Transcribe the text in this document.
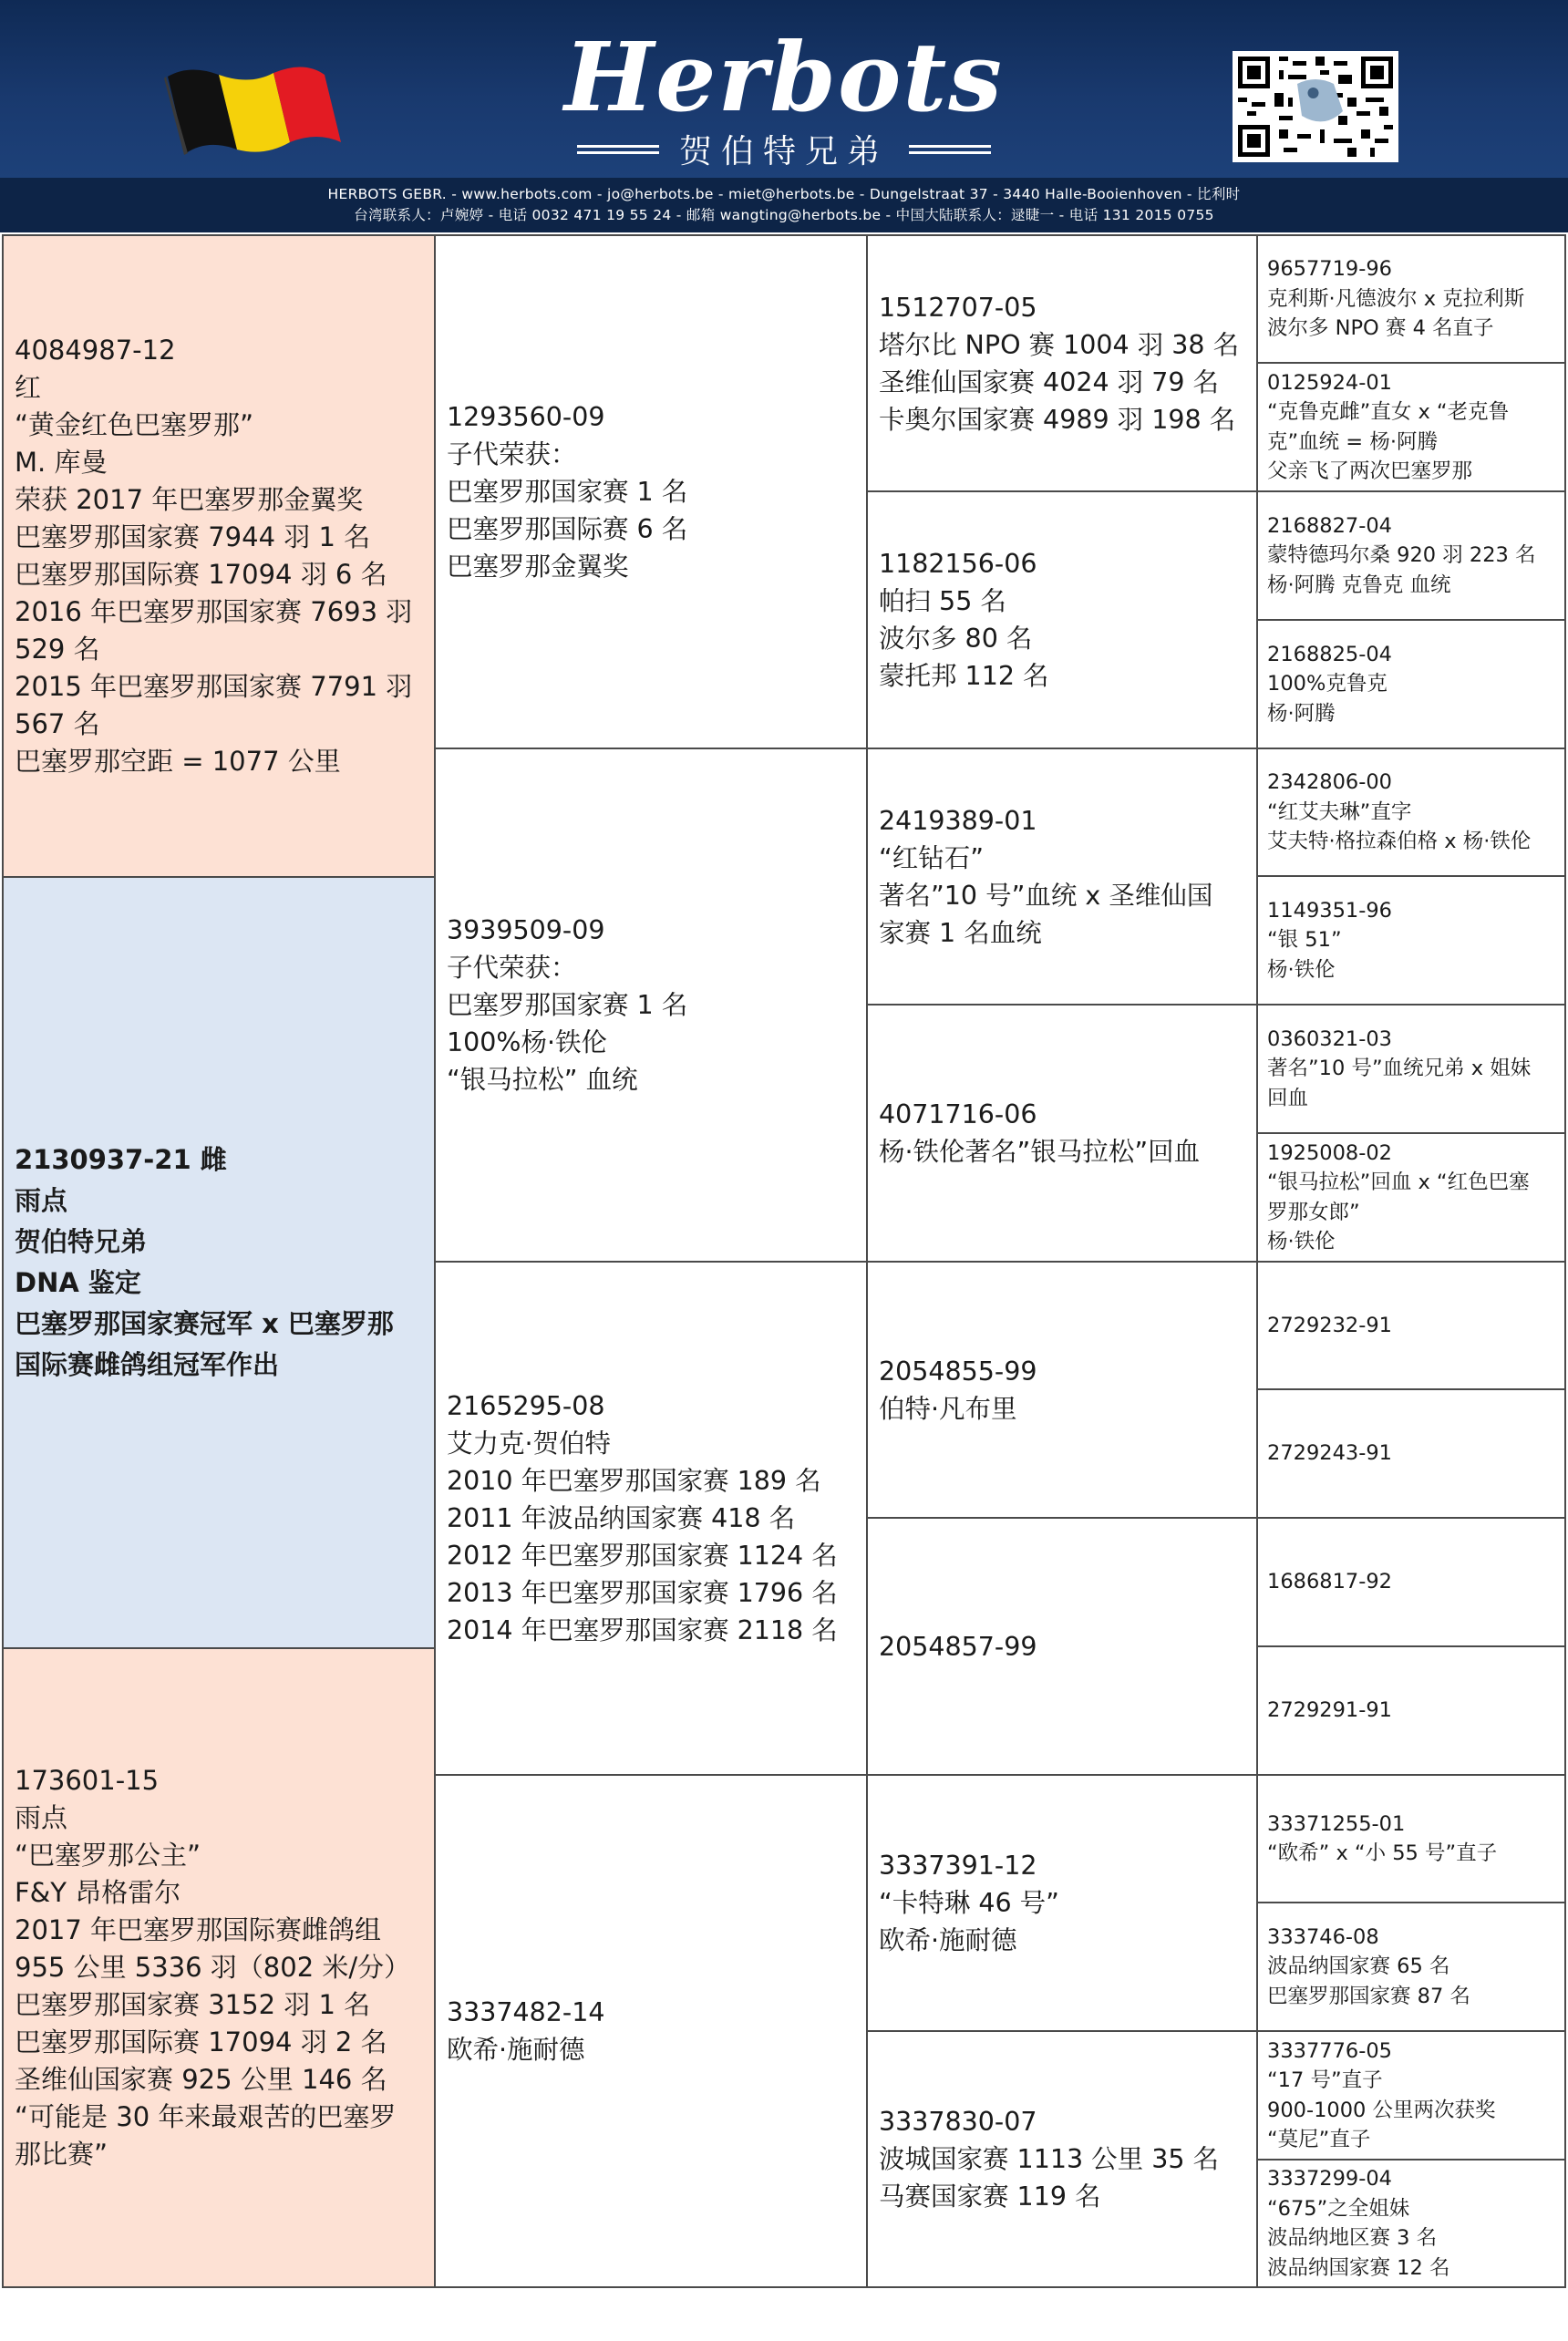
Herbots
贺伯特兄弟
HERBOTS GEBR. - www.herbots.com - jo@herbots.be - miet@herbots.be - Dungelstraat 37 - 3440 Halle-Booienhoven - 比利时
台湾联系人：卢婉婷 - 电话 0032 471 19 55 24 - 邮箱 wangting@herbots.be - 中国大陆联系人：逯睫一 - 电话 131 2015 0755
4084987-12
红
“黄金红色巴塞罗那”
M. 库曼
荣获 2017 年巴塞罗那金翼奖
巴塞罗那国家赛 7944 羽 1 名
巴塞罗那国际赛 17094 羽 6 名
2016 年巴塞罗那国家赛 7693 羽
529 名
2015 年巴塞罗那国家赛 7791 羽
567 名
巴塞罗那空距 = 1077 公里
2130937-21 雌
雨点
贺伯特兄弟
DNA 鉴定
巴塞罗那国家赛冠军 x 巴塞罗那
国际赛雌鸽组冠军作出
173601-15
雨点
“巴塞罗那公主”
F&Y 昂格雷尔
2017 年巴塞罗那国际赛雌鸽组
955 公里 5336 羽（802 米/分）
巴塞罗那国家赛 3152 羽 1 名
巴塞罗那国际赛 17094 羽 2 名
圣维仙国家赛 925 公里 146 名
“可能是 30 年来最艰苦的巴塞罗
那比赛”
1293560-09
子代荣获：
巴塞罗那国家赛 1 名
巴塞罗那国际赛 6 名
巴塞罗那金翼奖
3939509-09
子代荣获：
巴塞罗那国家赛 1 名
100%杨·铁伦
“银马拉松” 血统
2165295-08
艾力克·贺伯特
2010 年巴塞罗那国家赛 189 名
2011 年波品纳国家赛 418 名
2012 年巴塞罗那国家赛 1124 名
2013 年巴塞罗那国家赛 1796 名
2014 年巴塞罗那国家赛 2118 名
3337482-14
欧希·施耐德
1512707-05
塔尔比 NPO 赛 1004 羽 38 名
圣维仙国家赛 4024 羽 79 名
卡奥尔国家赛 4989 羽 198 名
1182156-06
帕扫 55 名
波尔多 80 名
蒙托邦 112 名
2419389-01
“红钻石”
著名”10 号”血统 x 圣维仙国
家赛 1 名血统
4071716-06
杨·铁伦著名”银马拉松”回血
2054855-99
伯特·凡布里
2054857-99
3337391-12
“卡特琳 46 号”
欧希·施耐德
3337830-07
波城国家赛 1113 公里 35 名
马赛国家赛 119 名
9657719-96
克利斯·凡德波尔 x 克拉利斯
波尔多 NPO 赛 4 名直子
0125924-01
“克鲁克雌”直女 x “老克鲁
克”血统 = 杨·阿腾
父亲飞了两次巴塞罗那
2168827-04
蒙特德玛尔桑 920 羽 223 名
杨·阿腾 克鲁克 血统
2168825-04
100%克鲁克
杨·阿腾
2342806-00
“红艾夫琳”直字
艾夫特·格拉森伯格 x 杨·铁伦
1149351-96
“银 51”
杨·铁伦
0360321-03
著名”10 号”血统兄弟 x 姐妹
回血
1925008-02
“银马拉松”回血 x “红色巴塞
罗那女郎”
杨·铁伦
2729232-91
2729243-91
1686817-92
2729291-91
33371255-01
“欧希” x “小 55 号”直子
333746-08
波品纳国家赛 65 名
巴塞罗那国家赛 87 名
3337776-05
“17 号”直子
900-1000 公里两次获奖
“莫尼”直子
3337299-04
“675”之全姐妹
波品纳地区赛 3 名
波品纳国家赛 12 名
